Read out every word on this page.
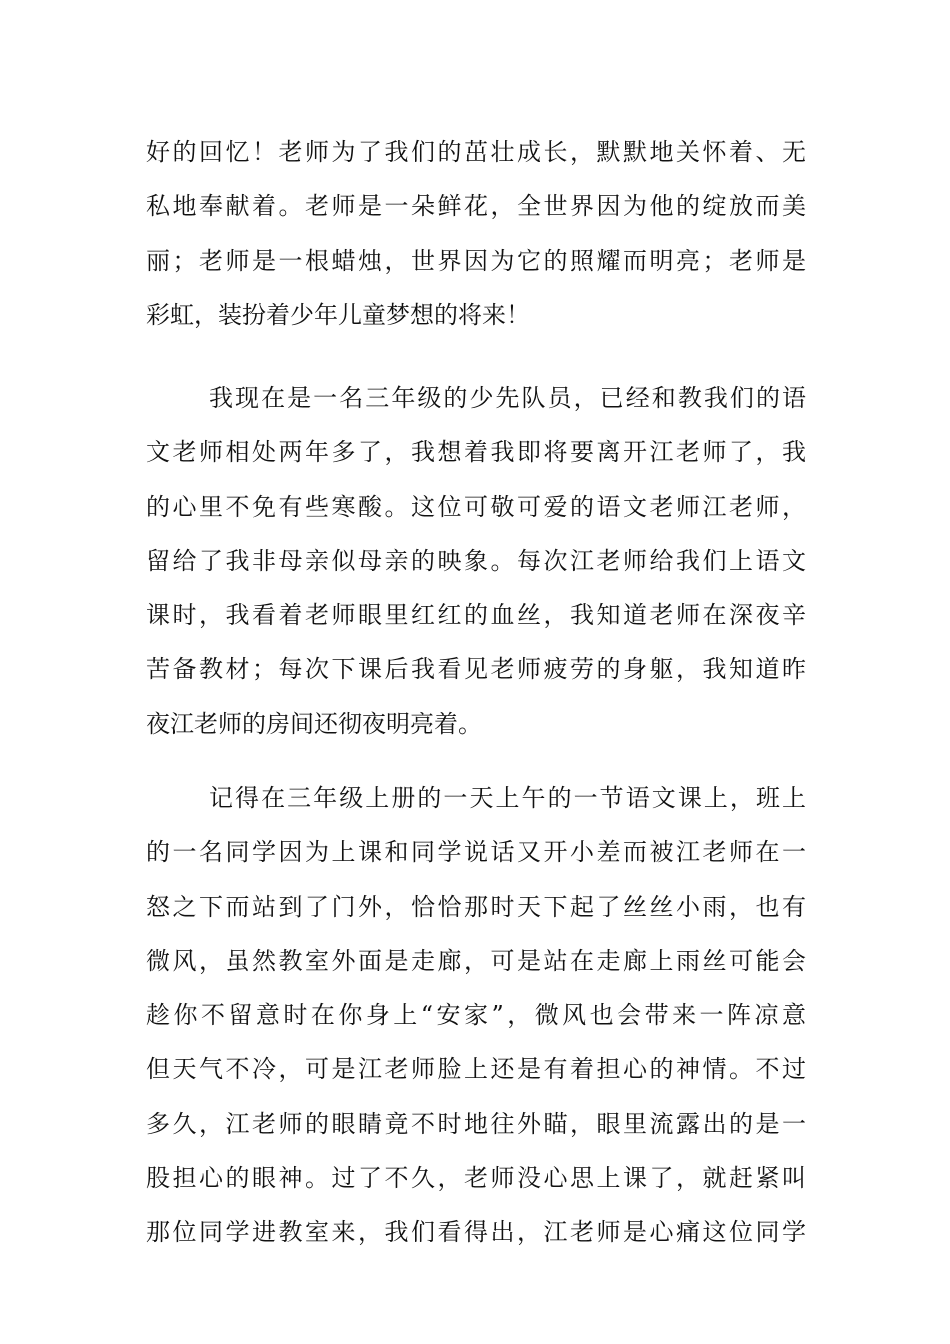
好的回忆！老师为了我们的茁壮成长，默默地关怀着、无
私地奉献着。老师是一朵鲜花，全世界因为他的绽放而美
丽；老师是一根蜡烛，世界因为它的照耀而明亮；老师是
彩虹，装扮着少年儿童梦想的将来！

我现在是一名三年级的少先队员，已经和教我们的语
文老师相处两年多了，我想着我即将要离开江老师了，我
的心里不免有些寒酸。这位可敬可爱的语文老师江老师，
留给了我非母亲似母亲的映象。每次江老师给我们上语文
课时，我看着老师眼里红红的血丝，我知道老师在深夜辛
苦备教材；每次下课后我看见老师疲劳的身躯，我知道昨
夜江老师的房间还彻夜明亮着。

记得在三年级上册的一天上午的一节语文课上，班上
的一名同学因为上课和同学说话又开小差而被江老师在一
怒之下而站到了门外，恰恰那时天下起了丝丝小雨，也有
微风，虽然教室外面是走廊，可是站在走廊上雨丝可能会
趁你不留意时在你身上“安家”，微风也会带来一阵凉意
但天气不冷，可是江老师脸上还是有着担心的神情。不过
多久，江老师的眼睛竟不时地往外瞄，眼里流露出的是一
股担心的眼神。过了不久，老师没心思上课了，就赶紧叫
那位同学进教室来，我们看得出，江老师是心痛这位同学
